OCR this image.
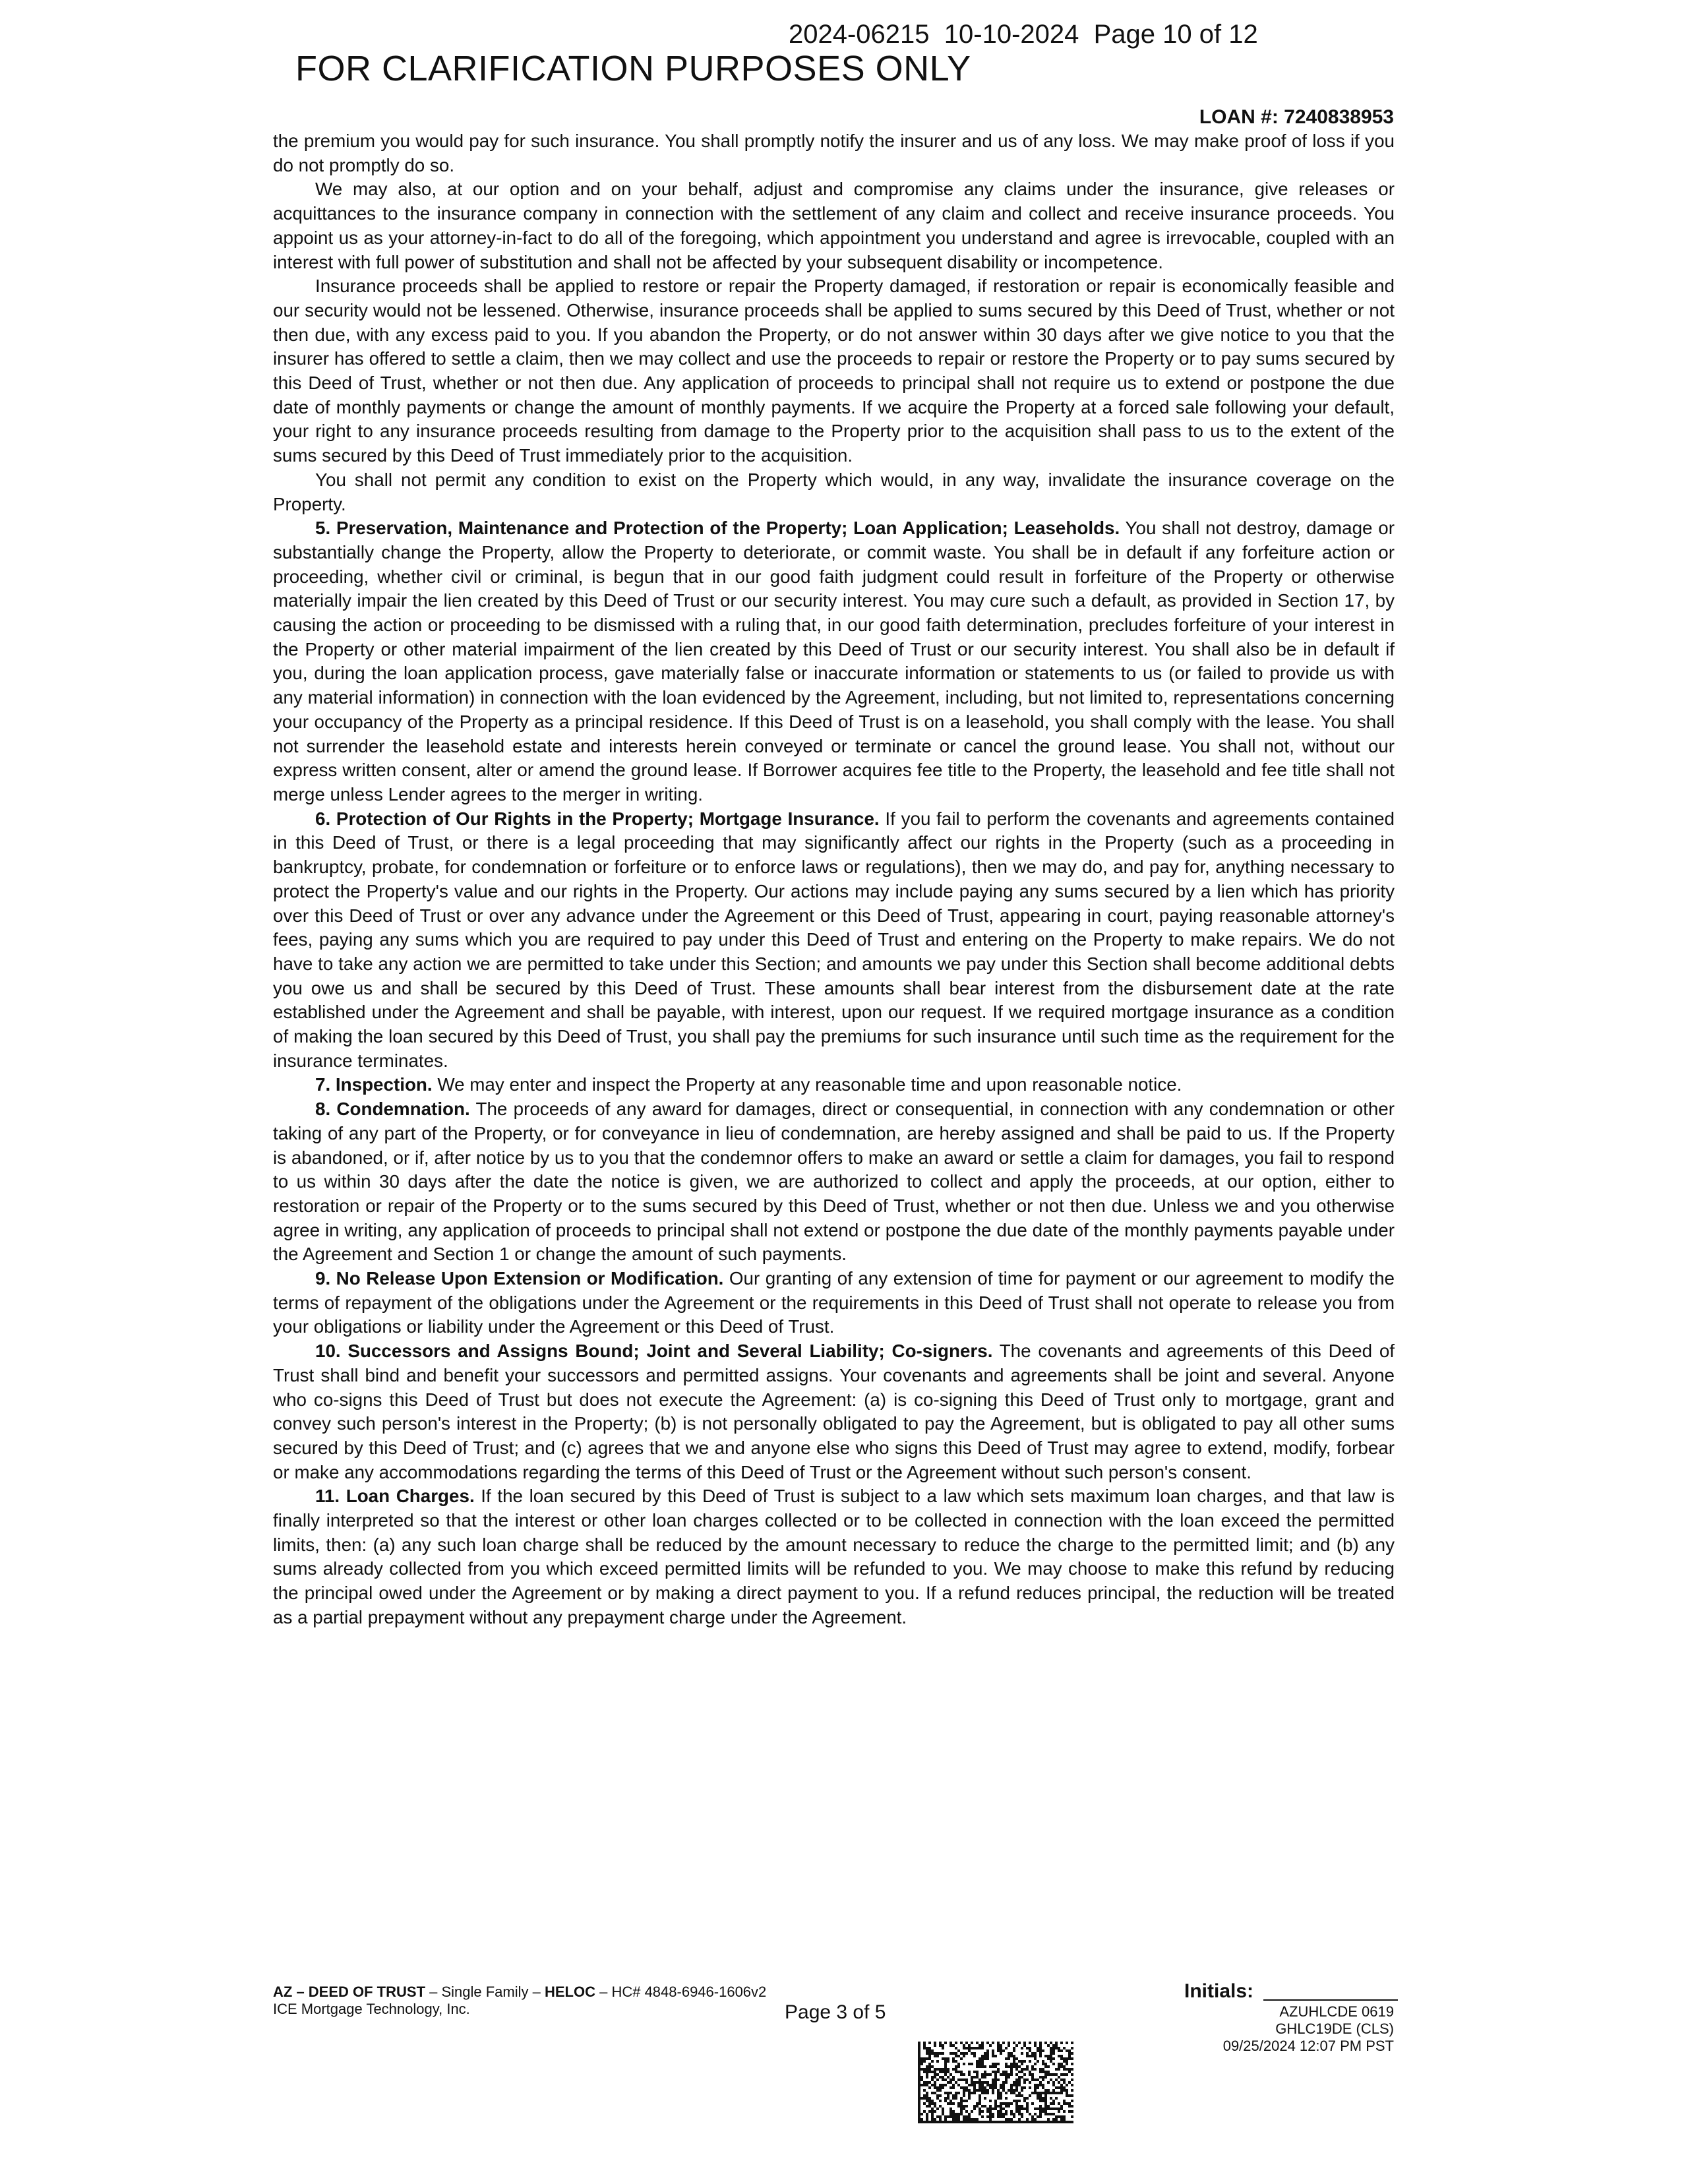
2024-06215  10-10-2024  Page 10 of 12
FOR CLARIFICATION PURPOSES ONLY
LOAN #: 7240838953

the premium you would pay for such insurance. You shall promptly notify the insurer and us of any loss. We may make proof of loss if you do not promptly do so.

We may also, at our option and on your behalf, adjust and compromise any claims under the insurance, give releases or acquittances to the insurance company in connection with the settlement of any claim and collect and receive insurance proceeds. You appoint us as your attorney-in-fact to do all of the foregoing, which appointment you understand and agree is irrevocable, coupled with an interest with full power of substitution and shall not be affected by your subsequent disability or incompetence.

Insurance proceeds shall be applied to restore or repair the Property damaged, if restoration or repair is economically feasible and our security would not be lessened. Otherwise, insurance proceeds shall be applied to sums secured by this Deed of Trust, whether or not then due, with any excess paid to you. If you abandon the Property, or do not answer within 30 days after we give notice to you that the insurer has offered to settle a claim, then we may collect and use the proceeds to repair or restore the Property or to pay sums secured by this Deed of Trust, whether or not then due. Any application of proceeds to principal shall not require us to extend or postpone the due date of monthly payments or change the amount of monthly payments. If we acquire the Property at a forced sale following your default, your right to any insurance proceeds resulting from damage to the Property prior to the acquisition shall pass to us to the extent of the sums secured by this Deed of Trust immediately prior to the acquisition.

You shall not permit any condition to exist on the Property which would, in any way, invalidate the insurance coverage on the Property.

5. Preservation, Maintenance and Protection of the Property; Loan Application; Leaseholds. You shall not destroy, damage or substantially change the Property, allow the Property to deteriorate, or commit waste. You shall be in default if any forfeiture action or proceeding, whether civil or criminal, is begun that in our good faith judgment could result in forfeiture of the Property or otherwise materially impair the lien created by this Deed of Trust or our security interest. You may cure such a default, as provided in Section 17, by causing the action or proceeding to be dismissed with a ruling that, in our good faith determination, precludes forfeiture of your interest in the Property or other material impairment of the lien created by this Deed of Trust or our security interest. You shall also be in default if you, during the loan application process, gave materially false or inaccurate information or statements to us (or failed to provide us with any material information) in connection with the loan evidenced by the Agreement, including, but not limited to, representations concerning your occupancy of the Property as a principal residence. If this Deed of Trust is on a leasehold, you shall comply with the lease. You shall not surrender the leasehold estate and interests herein conveyed or terminate or cancel the ground lease. You shall not, without our express written consent, alter or amend the ground lease. If Borrower acquires fee title to the Property, the leasehold and fee title shall not merge unless Lender agrees to the merger in writing.

6. Protection of Our Rights in the Property; Mortgage Insurance. If you fail to perform the covenants and agreements contained in this Deed of Trust, or there is a legal proceeding that may significantly affect our rights in the Property (such as a proceeding in bankruptcy, probate, for condemnation or forfeiture or to enforce laws or regulations), then we may do, and pay for, anything necessary to protect the Property's value and our rights in the Property. Our actions may include paying any sums secured by a lien which has priority over this Deed of Trust or over any advance under the Agreement or this Deed of Trust, appearing in court, paying reasonable attorney's fees, paying any sums which you are required to pay under this Deed of Trust and entering on the Property to make repairs. We do not have to take any action we are permitted to take under this Section; and amounts we pay under this Section shall become additional debts you owe us and shall be secured by this Deed of Trust. These amounts shall bear interest from the disbursement date at the rate established under the Agreement and shall be payable, with interest, upon our request. If we required mortgage insurance as a condition of making the loan secured by this Deed of Trust, you shall pay the premiums for such insurance until such time as the requirement for the insurance terminates.

7. Inspection. We may enter and inspect the Property at any reasonable time and upon reasonable notice.

8. Condemnation. The proceeds of any award for damages, direct or consequential, in connection with any condemnation or other taking of any part of the Property, or for conveyance in lieu of condemnation, are hereby assigned and shall be paid to us. If the Property is abandoned, or if, after notice by us to you that the condemnor offers to make an award or settle a claim for damages, you fail to respond to us within 30 days after the date the notice is given, we are authorized to collect and apply the proceeds, at our option, either to restoration or repair of the Property or to the sums secured by this Deed of Trust, whether or not then due. Unless we and you otherwise agree in writing, any application of proceeds to principal shall not extend or postpone the due date of the monthly payments payable under the Agreement and Section 1 or change the amount of such payments.

9. No Release Upon Extension or Modification. Our granting of any extension of time for payment or our agreement to modify the terms of repayment of the obligations under the Agreement or the requirements in this Deed of Trust shall not operate to release you from your obligations or liability under the Agreement or this Deed of Trust.

10. Successors and Assigns Bound; Joint and Several Liability; Co-signers. The covenants and agreements of this Deed of Trust shall bind and benefit your successors and permitted assigns. Your covenants and agreements shall be joint and several. Anyone who co-signs this Deed of Trust but does not execute the Agreement: (a) is co-signing this Deed of Trust only to mortgage, grant and convey such person's interest in the Property; (b) is not personally obligated to pay the Agreement, but is obligated to pay all other sums secured by this Deed of Trust; and (c) agrees that we and anyone else who signs this Deed of Trust may agree to extend, modify, forbear or make any accommodations regarding the terms of this Deed of Trust or the Agreement without such person's consent.

11. Loan Charges. If the loan secured by this Deed of Trust is subject to a law which sets maximum loan charges, and that law is finally interpreted so that the interest or other loan charges collected or to be collected in connection with the loan exceed the permitted limits, then: (a) any such loan charge shall be reduced by the amount necessary to reduce the charge to the permitted limit; and (b) any sums already collected from you which exceed permitted limits will be refunded to you. We may choose to make this refund by reducing the principal owed under the Agreement or by making a direct payment to you. If a refund reduces principal, the reduction will be treated as a partial prepayment without any prepayment charge under the Agreement.

AZ – DEED OF TRUST – Single Family – HELOC – HC# 4848-6946-1606v2
ICE Mortgage Technology, Inc.	Page 3 of 5
Initials:
AZUHLCDE 0619
GHLC19DE (CLS)
09/25/2024 12:07 PM PST
